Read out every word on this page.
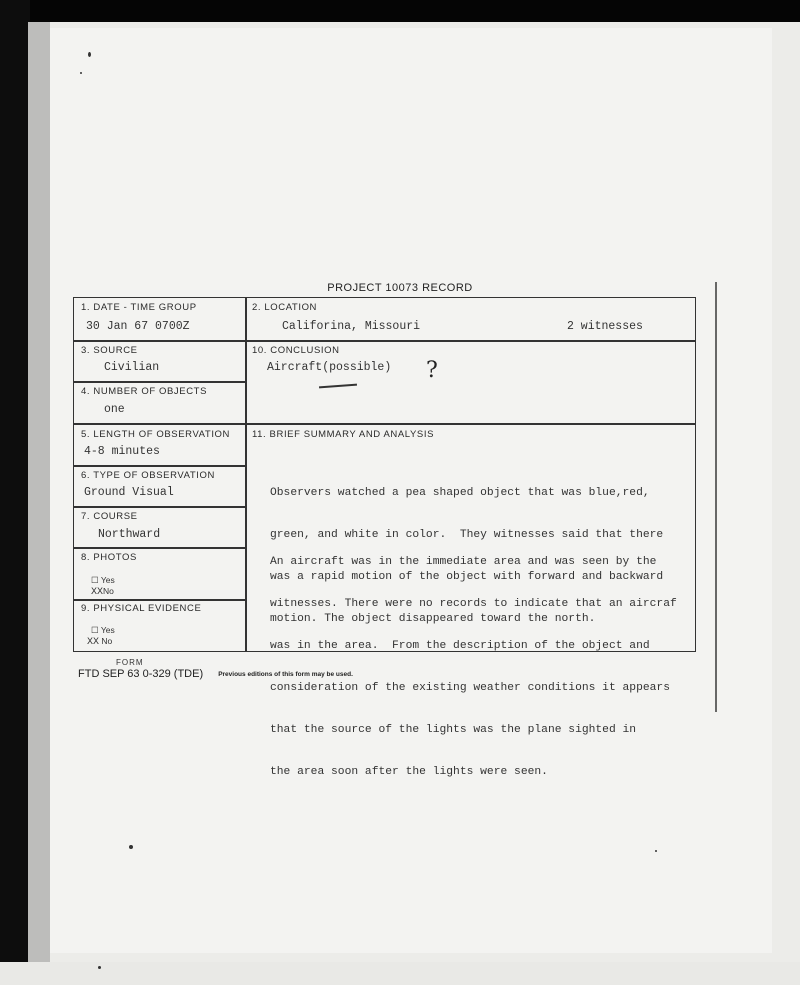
PROJECT 10073 RECORD
1. DATE - TIME GROUP
30 Jan 67 0700Z
2. LOCATION
Califorina, Missouri	2 witnesses
3. SOURCE
Civilian
10. CONCLUSION
Aircraft(possible) ?
4. NUMBER OF OBJECTS
one
5. LENGTH OF OBSERVATION
4-8 minutes
11. BRIEF SUMMARY AND ANALYSIS
6. TYPE OF OBSERVATION
Ground Visual
7. COURSE
Northward
8. PHOTOS
☐ Yes
XXNo
9. PHYSICAL EVIDENCE
☐ Yes
XX No

Observers watched a pea shaped object that was blue,red,

green, and white in color.  They witnesses said that there

was a rapid motion of the object with forward and backward

motion. The object disappeared toward the north.

An aircraft was in the immediate area and was seen by the

witnesses. There were no records to indicate that an aircraf

was in the area.  From the description of the object and

consideration of the existing weather conditions it appears

that the source of the lights was the plane sighted in

the area soon after the lights were seen.

FORM
FTD SEP 63 0-329 (TDE) Previous editions of this form may be used.
